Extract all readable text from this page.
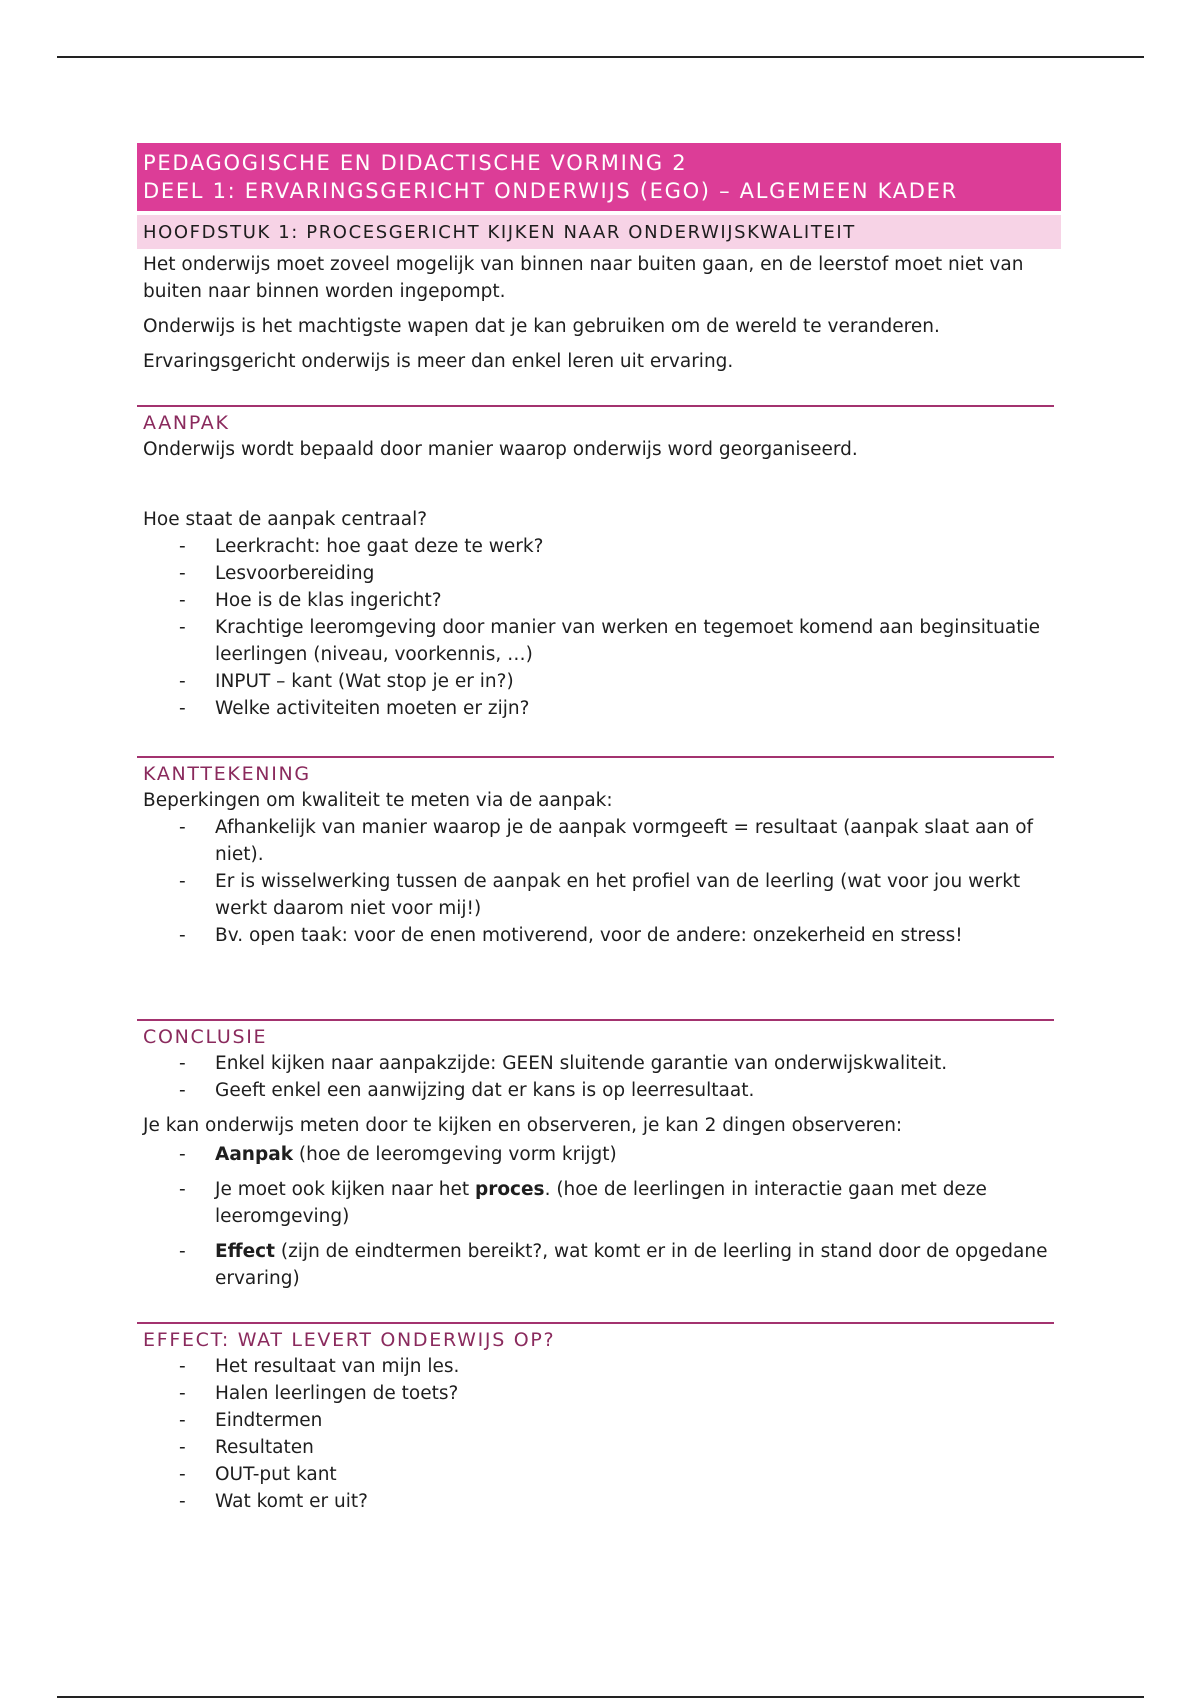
PEDAGOGISCHE EN DIDACTISCHE VORMING 2
DEEL 1: ERVARINGSGERICHT ONDERWIJS (EGO) – ALGEMEEN KADER
HOOFDSTUK 1: PROCESGERICHT KIJKEN NAAR ONDERWIJSKWALITEIT

Het onderwijs moet zoveel mogelijk van binnen naar buiten gaan, en de leerstof moet niet van buiten naar binnen worden ingepompt.

Onderwijs is het machtigste wapen dat je kan gebruiken om de wereld te veranderen.

Ervaringsgericht onderwijs is meer dan enkel leren uit ervaring.

AANPAK

Onderwijs wordt bepaald door manier waarop onderwijs word georganiseerd.

Hoe staat de aanpak centraal?

- Leerkracht: hoe gaat deze te werk?
- Lesvoorbereiding
- Hoe is de klas ingericht?
- Krachtige leeromgeving door manier van werken en tegemoet komend aan beginsituatie leerlingen (niveau, voorkennis, …)
- INPUT – kant (Wat stop je er in?)
- Welke activiteiten moeten er zijn?
KANTTEKENING

Beperkingen om kwaliteit te meten via de aanpak:

- Afhankelijk van manier waarop je de aanpak vormgeeft = resultaat (aanpak slaat aan of niet).
- Er is wisselwerking tussen de aanpak en het profiel van de leerling (wat voor jou werkt werkt daarom niet voor mij!)
- Bv. open taak: voor de enen motiverend, voor de andere: onzekerheid en stress!
CONCLUSIE
- Enkel kijken naar aanpakzijde: GEEN sluitende garantie van onderwijskwaliteit.
- Geeft enkel een aanwijzing dat er kans is op leerresultaat.

Je kan onderwijs meten door te kijken en observeren, je kan 2 dingen observeren:

- Aanpak (hoe de leeromgeving vorm krijgt)
- Je moet ook kijken naar het proces. (hoe de leerlingen in interactie gaan met deze leeromgeving)
- Effect (zijn de eindtermen bereikt?, wat komt er in de leerling in stand door de opgedane ervaring)
EFFECT: WAT LEVERT ONDERWIJS OP?
- Het resultaat van mijn les.
- Halen leerlingen de toets?
- Eindtermen
- Resultaten
- OUT-put kant
- Wat komt er uit?
